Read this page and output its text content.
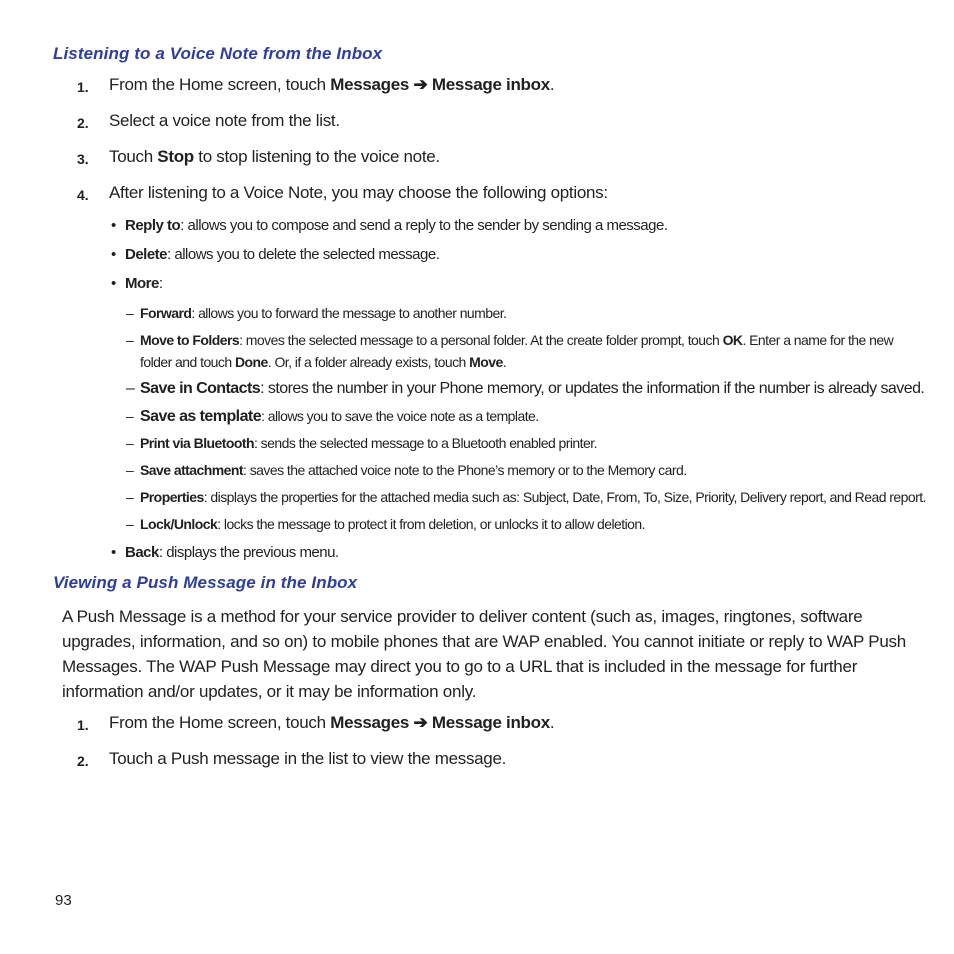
Listening to a Voice Note from the Inbox
1. From the Home screen, touch Messages ➔ Message inbox.
2. Select a voice note from the list.
3. Touch Stop to stop listening to the voice note.
4. After listening to a Voice Note, you may choose the following options:
• Reply to: allows you to compose and send a reply to the sender by sending a message.
• Delete: allows you to delete the selected message.
• More:
– Forward: allows you to forward the message to another number.
– Move to Folders: moves the selected message to a personal folder. At the create folder prompt, touch OK. Enter a name for the new
folder and touch Done. Or, if a folder already exists, touch Move.
– Save in Contacts: stores the number in your Phone memory, or updates the information if the number is already saved.
– Save as template: allows you to save the voice note as a template.
– Print via Bluetooth: sends the selected message to a Bluetooth enabled printer.
– Save attachment: saves the attached voice note to the Phone’s memory or to the Memory card.
– Properties: displays the properties for the attached media such as: Subject, Date, From, To, Size, Priority, Delivery report, and Read report.
– Lock/Unlock: locks the message to protect it from deletion, or unlocks it to allow deletion.
• Back: displays the previous menu.
Viewing a Push Message in the Inbox
A Push Message is a method for your service provider to deliver content (such as, images, ringtones, software
upgrades, information, and so on) to mobile phones that are WAP enabled. You cannot initiate or reply to WAP Push
Messages. The WAP Push Message may direct you to go to a URL that is included in the message for further
information and/or updates, or it may be information only.
1. From the Home screen, touch Messages ➔ Message inbox.
2. Touch a Push message in the list to view the message.
93
